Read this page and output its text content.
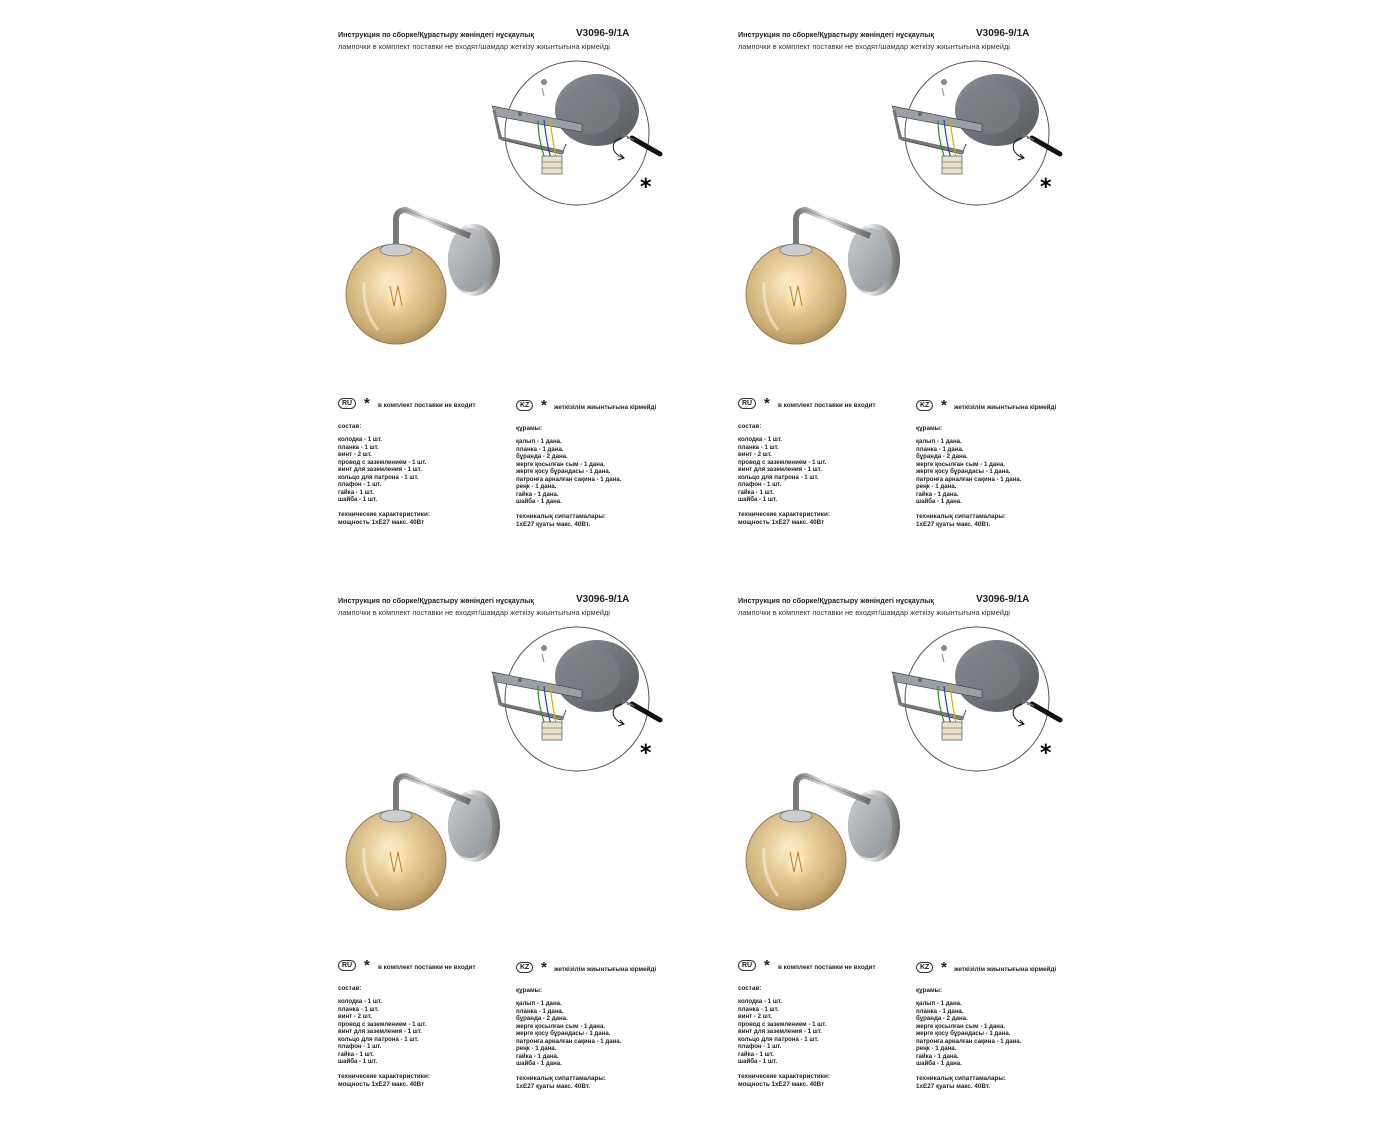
Инструкция по сборке/Құрастыру жөніндегі нұсқаулық	V3096-9/1A
лампочки в комплект поставки не входят/шамдар жеткізу жиынтығына кірмейді
*
RU * в комплект поставки не входит
состав:
колодка - 1 шт.
планка - 1 шт.
винт - 2 шт.
провод с заземлением - 1 шт.
винт для заземления - 1 шт.
кольцо для патрона - 1 шт.
плафон - 1 шт.
гайка - 1 шт.
шайба - 1 шт.
технические характеристики:
мощность 1хЕ27 макс. 40Вт
KZ * жеткізілім жиынтығына кірмейді
құрамы:
қалып - 1 дана.
планка - 1 дана.
бұранда - 2 дана.
жерге қосылған сым - 1 дана.
жерге қосу бұрандасы - 1 дана.
патронға арналған сақина - 1 дана.
реңк - 1 дана.
гайка - 1 дана.
шайба - 1 дана.
техникалық сипаттамалары:
1хЕ27 қуаты макс. 40Вт.
Инструкция по сборке/Құрастыру жөніндегі нұсқаулық	V3096-9/1A
лампочки в комплект поставки не входят/шамдар жеткізу жиынтығына кірмейді
*
RU * в комплект поставки не входит
состав:
колодка - 1 шт.
планка - 1 шт.
винт - 2 шт.
провод с заземлением - 1 шт.
винт для заземления - 1 шт.
кольцо для патрона - 1 шт.
плафон - 1 шт.
гайка - 1 шт.
шайба - 1 шт.
технические характеристики:
мощность 1хЕ27 макс. 40Вт
KZ * жеткізілім жиынтығына кірмейді
құрамы:
қалып - 1 дана.
планка - 1 дана.
бұранда - 2 дана.
жерге қосылған сым - 1 дана.
жерге қосу бұрандасы - 1 дана.
патронға арналған сақина - 1 дана.
реңк - 1 дана.
гайка - 1 дана.
шайба - 1 дана.
техникалық сипаттамалары:
1хЕ27 қуаты макс. 40Вт.
Инструкция по сборке/Құрастыру жөніндегі нұсқаулық	V3096-9/1A
лампочки в комплект поставки не входят/шамдар жеткізу жиынтығына кірмейді
*
RU * в комплект поставки не входит
состав:
колодка - 1 шт.
планка - 1 шт.
винт - 2 шт.
провод с заземлением - 1 шт.
винт для заземления - 1 шт.
кольцо для патрона - 1 шт.
плафон - 1 шт.
гайка - 1 шт.
шайба - 1 шт.
технические характеристики:
мощность 1хЕ27 макс. 40Вт
KZ * жеткізілім жиынтығына кірмейді
құрамы:
қалып - 1 дана.
планка - 1 дана.
бұранда - 2 дана.
жерге қосылған сым - 1 дана.
жерге қосу бұрандасы - 1 дана.
патронға арналған сақина - 1 дана.
реңк - 1 дана.
гайка - 1 дана.
шайба - 1 дана.
техникалық сипаттамалары:
1хЕ27 қуаты макс. 40Вт.
Инструкция по сборке/Құрастыру жөніндегі нұсқаулық	V3096-9/1A
лампочки в комплект поставки не входят/шамдар жеткізу жиынтығына кірмейді
*
RU * в комплект поставки не входит
состав:
колодка - 1 шт.
планка - 1 шт.
винт - 2 шт.
провод с заземлением - 1 шт.
винт для заземления - 1 шт.
кольцо для патрона - 1 шт.
плафон - 1 шт.
гайка - 1 шт.
шайба - 1 шт.
технические характеристики:
мощность 1хЕ27 макс. 40Вт
KZ * жеткізілім жиынтығына кірмейді
құрамы:
қалып - 1 дана.
планка - 1 дана.
бұранда - 2 дана.
жерге қосылған сым - 1 дана.
жерге қосу бұрандасы - 1 дана.
патронға арналған сақина - 1 дана.
реңк - 1 дана.
гайка - 1 дана.
шайба - 1 дана.
техникалық сипаттамалары:
1хЕ27 қуаты макс. 40Вт.
